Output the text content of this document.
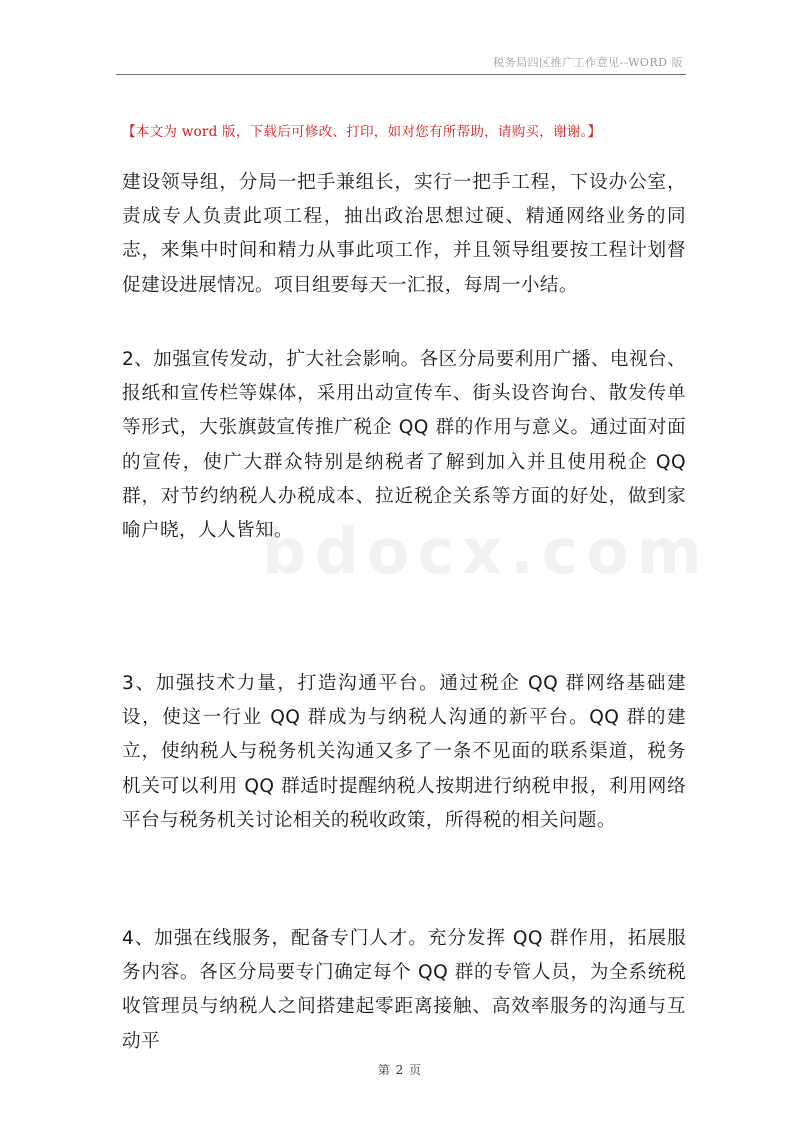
税务局四区推广工作意见--WORD 版
【本文为 word 版，下载后可修改、打印，如对您有所帮助，请购买，谢谢。】
bdocx.com

建设领导组，分局一把手兼组长，实行一把手工程，下设办公室，责成专人负责此项工程，抽出政治思想过硬、精通网络业务的同志，来集中时间和精力从事此项工作，并且领导组要按工程计划督促建设进展情况。项目组要每天一汇报，每周一小结。

2、加强宣传发动，扩大社会影响。各区分局要利用广播、电视台、报纸和宣传栏等媒体，采用出动宣传车、街头设咨询台、散发传单等形式，大张旗鼓宣传推广税企 QQ 群的作用与意义。通过面对面的宣传，使广大群众特别是纳税者了解到加入并且使用税企 QQ 群，对节约纳税人办税成本、拉近税企关系等方面的好处，做到家喻户晓，人人皆知。

3、加强技术力量，打造沟通平台。通过税企 QQ 群网络基础建设，使这一行业 QQ 群成为与纳税人沟通的新平台。QQ 群的建立，使纳税人与税务机关沟通又多了一条不见面的联系渠道，税务机关可以利用 QQ 群适时提醒纳税人按期进行纳税申报，利用网络平台与税务机关讨论相关的税收政策，所得税的相关问题。

4、加强在线服务，配备专门人才。充分发挥 QQ 群作用，拓展服务内容。各区分局要专门确定每个 QQ 群的专管人员，为全系统税收管理员与纳税人之间搭建起零距离接触、高效率服务的沟通与互动平

第 2 页
